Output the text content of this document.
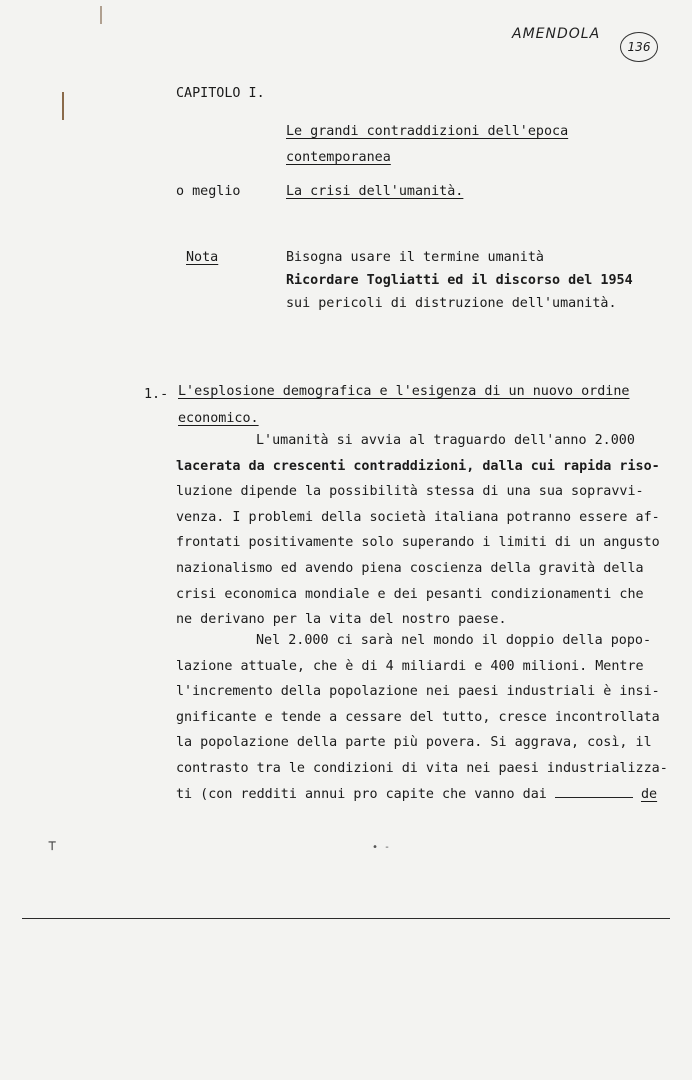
AMENDOLA
136
CAPITOLO I.
Le grandi contraddizioni dell'epoca
contemporanea
o meglio	La crisi dell'umanità.
Nota	Bisogna usare il termine umanità
Ricordare Togliatti ed il discorso del 1954
sui pericoli di distruzione dell'umanità.
1.- L'esplosione demografica e l'esigenza di un nuovo ordine
economico.
L'umanità si avvia al traguardo dell'anno 2.000
lacerata da crescenti contraddizioni, dalla cui rapida riso-
luzione dipende la possibilità stessa di una sua sopravvi-
venza. I problemi della società italiana potranno essere af-
frontati positivamente solo superando i limiti di un angusto
nazionalismo ed avendo piena coscienza della gravità della
crisi economica mondiale e dei pesanti condizionamenti che
ne derivano per la vita del nostro paese.
Nel 2.000 ci sarà nel mondo il doppio della popo-
lazione attuale, che è di 4 miliardi e 400 milioni. Mentre
l'incremento della popolazione nei paesi industriali è insi-
gnificante e tende a cessare del tutto, cresce incontrollata
la popolazione della parte più povera. Si aggrava, così, il
contrasto tra le condizioni di vita nei paesi industrializza-
ti (con redditi annui pro capite che vanno dai	de
⊤	• -
